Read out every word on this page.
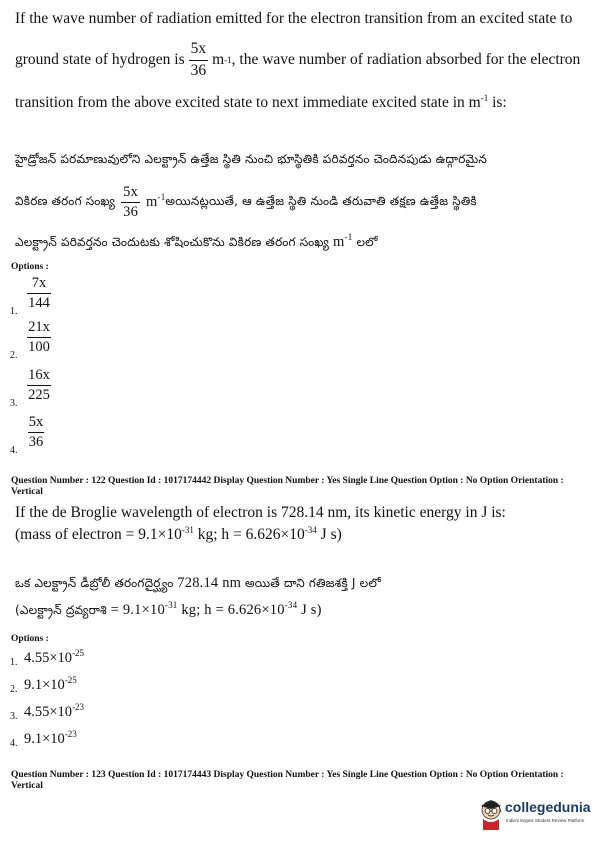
If the wave number of radiation emitted for the electron transition from an excited state to
ground state of hydrogen is $\frac{5x}{36}$ m -1 , the wave number of radiation absorbed for the electron
transition from the above excited state to next immediate excited state in $m^{-1}$ is:
హైడ్రోజన్ పరమాణువులోని ఎలక్ట్రాన్ ఉత్తేజ స్థితి నుంచి భూస్థితికి పరివర్తనం చెందినపుడు ఉద్గారమైన
వికిరణ తరంగ సంఖ్య $\frac{5x}{36} m^{-1}$ అయినట్లయితే, ఆ ఉత్తేజ స్థితి నుండి తరువాతి తక్షణ ఉత్తేజ స్థితికి
ఎలక్ట్రాన్ పరివర్తనం చెందుటకు శోషించుకొను వికిరణ తరంగ సంఖ్య $m^{-1}$ లలో
Options :
1. $\frac{7x}{144}$
2. $\frac{21x}{100}$
3. $\frac{16x}{225}$
4. $\frac{5x}{36}$
Question Number : 122 Question Id : 1017174442 Display Question Number : Yes Single Line Question Option : No Option Orientation : Vertical
If the de Broglie wavelength of electron is 728.14 nm, its kinetic energy in J is:
(mass of electron = $9.1\times 10^{-31}$ kg; $h = 6.626\times 10^{-34}$ J s)
ఒక ఎలక్ట్రాన్ డీబ్రోలీ తరంగదైర్ఘ్యం 728.14 nm అయితే దాని గతిజశక్తి J లలో
(ఎలక్ట్రాన్ ద్రవ్యరాశి = $9.1\times 10^{-31}$ kg; $h = 6.626\times 10^{-34}$ J s)
Options :
1. $4.55\times 10^{-25}$
2. $9.1\times 10^{-25}$
3. $4.55\times 10^{-23}$
4. $9.1\times 10^{-23}$
Question Number : 123 Question Id : 1017174443 Display Question Number : Yes Single Line Question Option : No Option Orientation : Vertical
collegedunia
India's largest Student Review Platform
